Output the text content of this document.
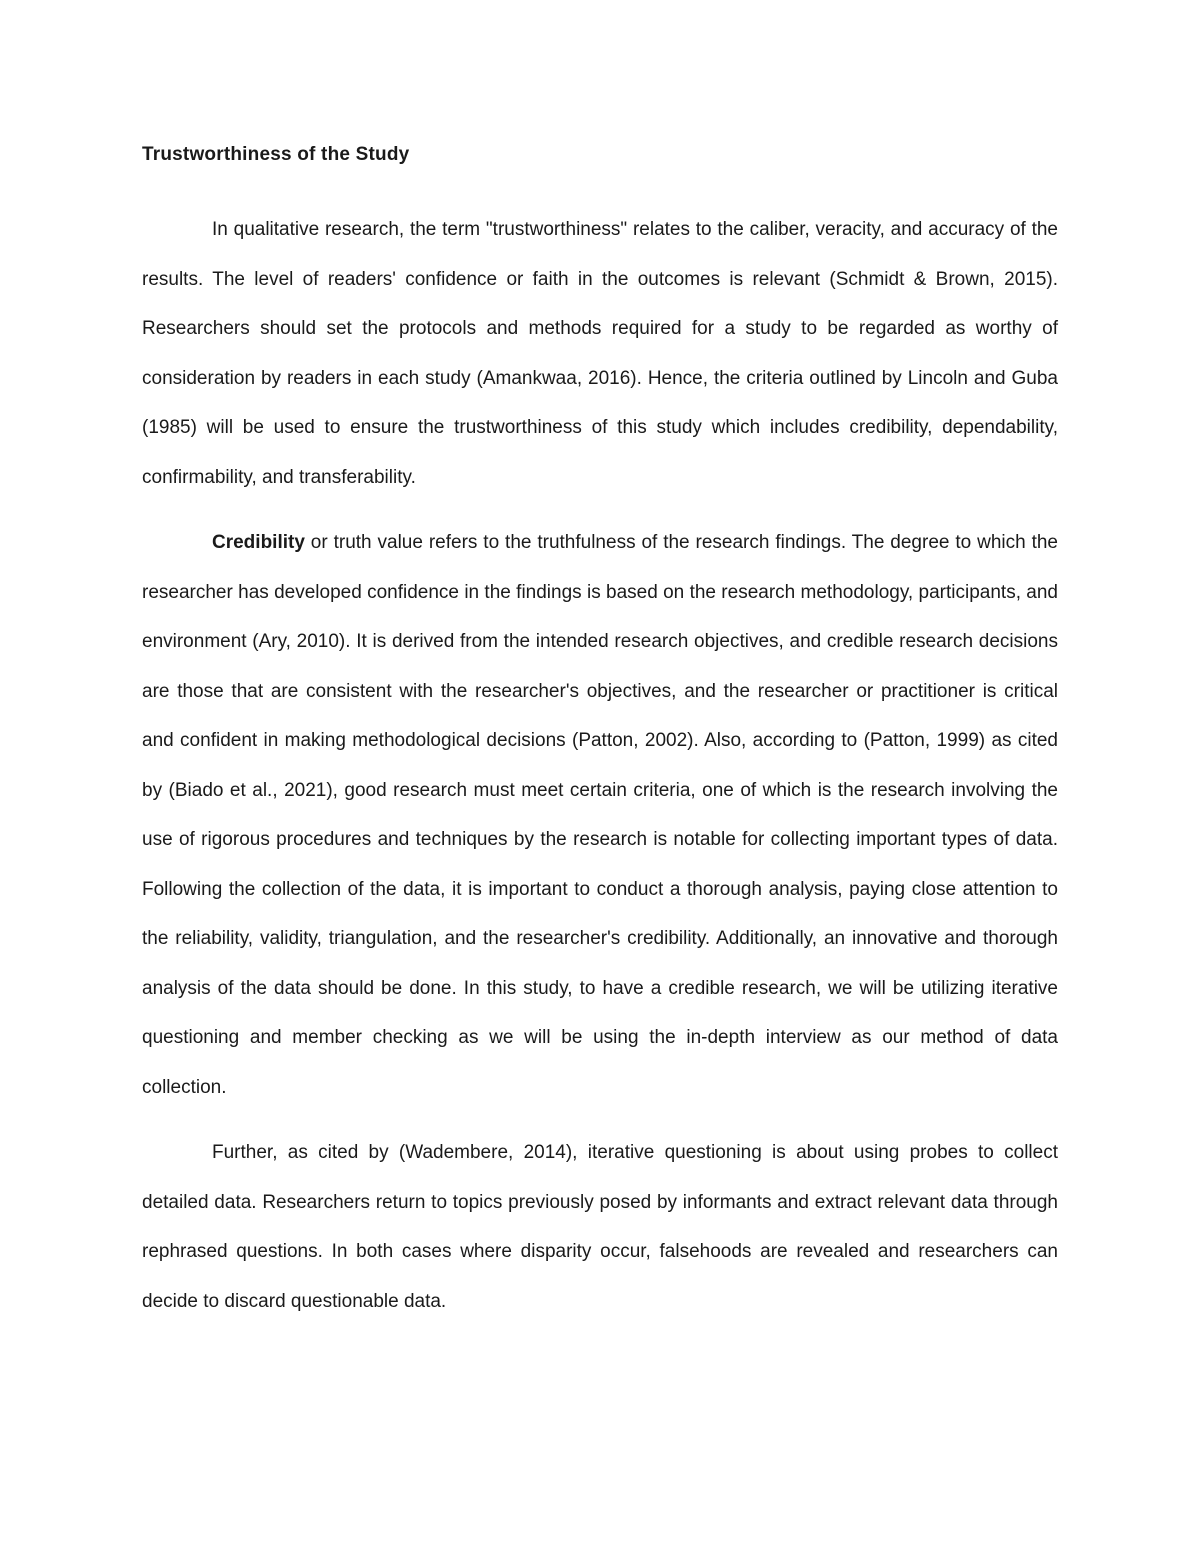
Trustworthiness of the Study

In qualitative research, the term "trustworthiness" relates to the caliber, veracity, and accuracy of the results. The level of readers' confidence or faith in the outcomes is relevant (Schmidt & Brown, 2015). Researchers should set the protocols and methods required for a study to be regarded as worthy of consideration by readers in each study (Amankwaa, 2016). Hence, the criteria outlined by Lincoln and Guba (1985) will be used to ensure the trustworthiness of this study which includes credibility, dependability, confirmability, and transferability.

Credibility or truth value refers to the truthfulness of the research findings. The degree to which the researcher has developed confidence in the findings is based on the research methodology, participants, and environment (Ary, 2010). It is derived from the intended research objectives, and credible research decisions are those that are consistent with the researcher's objectives, and the researcher or practitioner is critical and confident in making methodological decisions (Patton, 2002). Also, according to (Patton, 1999) as cited by (Biado et al., 2021), good research must meet certain criteria, one of which is the research involving the use of rigorous procedures and techniques by the research is notable for collecting important types of data. Following the collection of the data, it is important to conduct a thorough analysis, paying close attention to the reliability, validity, triangulation, and the researcher's credibility. Additionally, an innovative and thorough analysis of the data should be done. In this study, to have a credible research, we will be utilizing iterative questioning and member checking as we will be using the in-depth interview as our method of data collection.

Further, as cited by (Wadembere, 2014), iterative questioning is about using probes to collect detailed data. Researchers return to topics previously posed by informants and extract relevant data through rephrased questions. In both cases where disparity occur, falsehoods are revealed and researchers can decide to discard questionable data.
